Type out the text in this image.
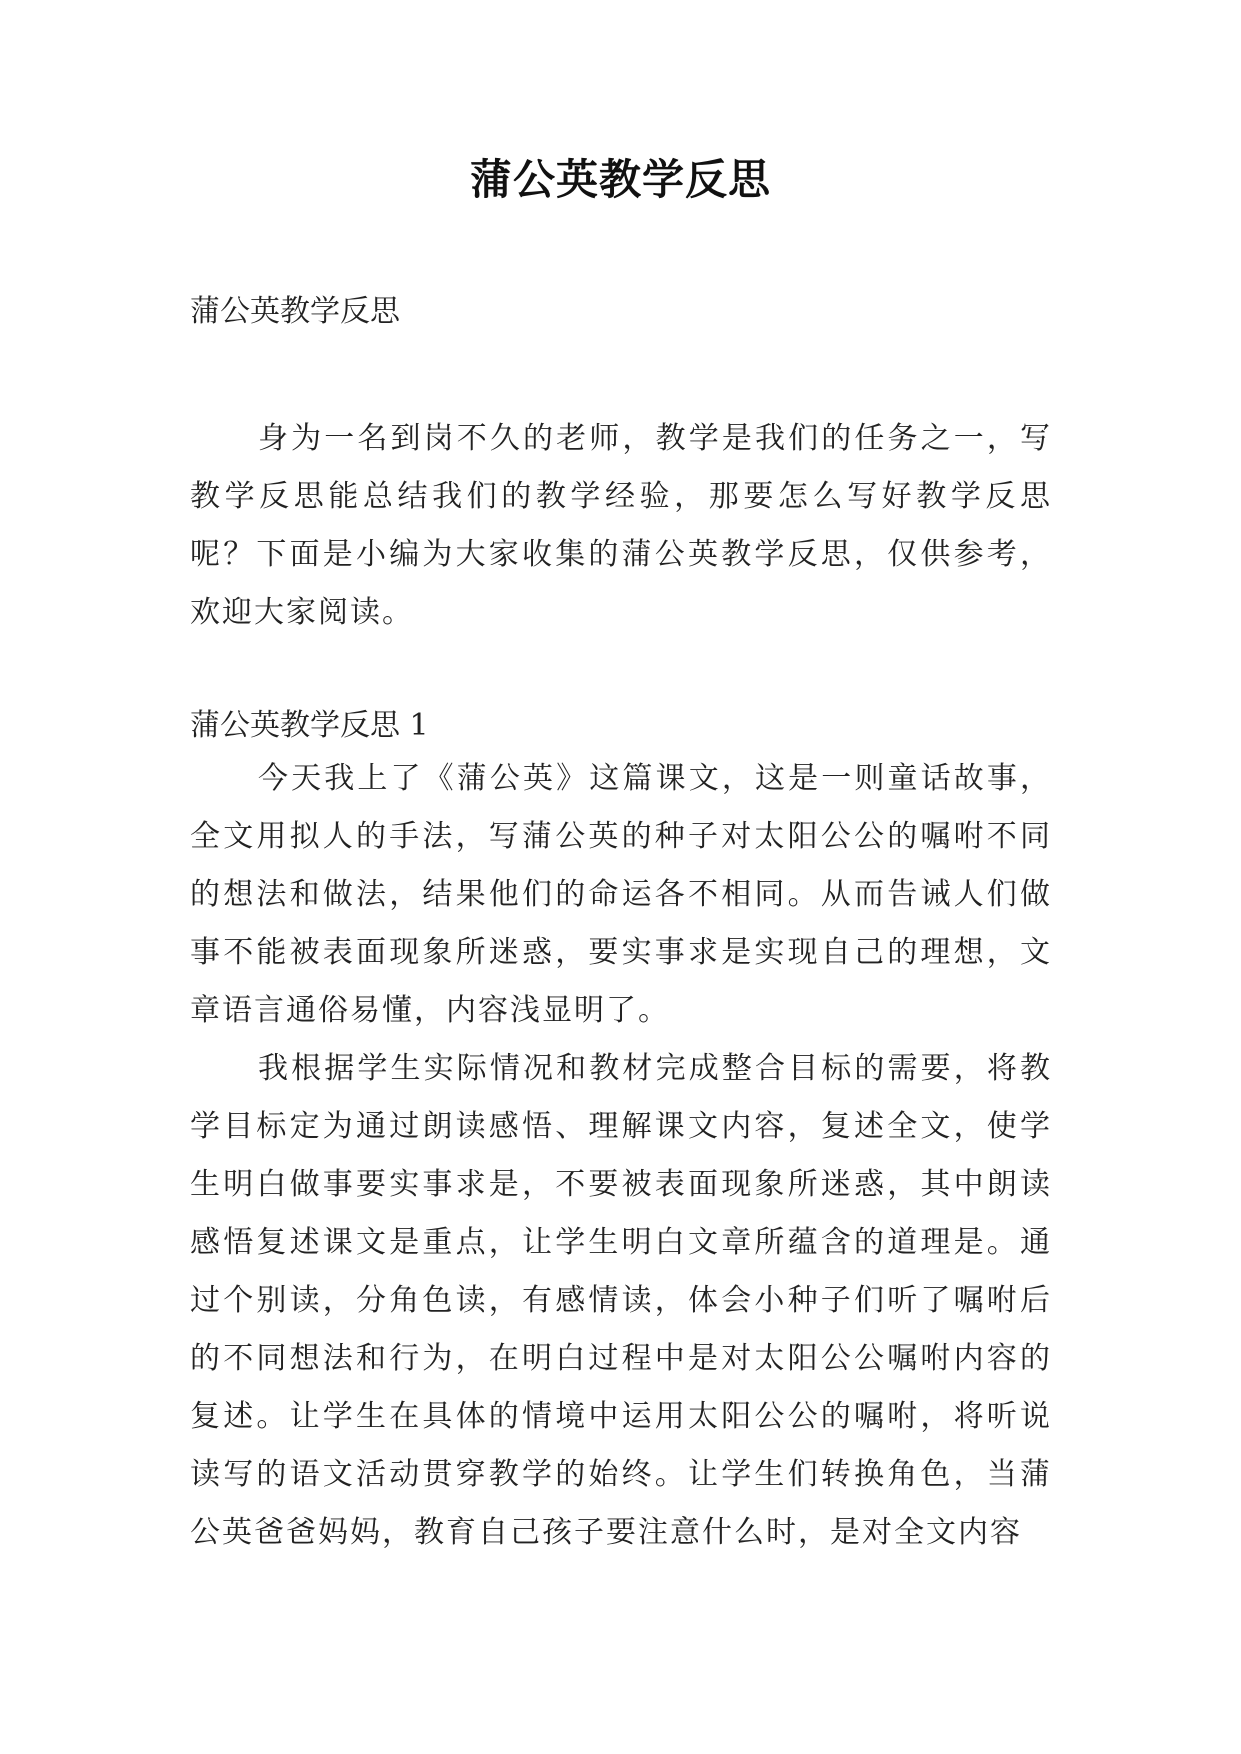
蒲公英教学反思
蒲公英教学反思

身为一名到岗不久的老师，教学是我们的任务之一，写教学反思能总结我们的教学经验，那要怎么写好教学反思呢？下面是小编为大家收集的蒲公英教学反思，仅供参考，欢迎大家阅读。

蒲公英教学反思 1

今天我上了《蒲公英》这篇课文，这是一则童话故事，全文用拟人的手法，写蒲公英的种子对太阳公公的嘱咐不同的想法和做法，结果他们的命运各不相同。从而告诫人们做事不能被表面现象所迷惑，要实事求是实现自己的理想，文章语言通俗易懂，内容浅显明了。

我根据学生实际情况和教材完成整合目标的需要，将教学目标定为通过朗读感悟、理解课文内容，复述全文，使学生明白做事要实事求是，不要被表面现象所迷惑，其中朗读感悟复述课文是重点，让学生明白文章所蕴含的道理是。通过个别读，分角色读，有感情读，体会小种子们听了嘱咐后的不同想法和行为，在明白过程中是对太阳公公嘱咐内容的复述。让学生在具体的情境中运用太阳公公的嘱咐，将听说读写的语文活动贯穿教学的始终。让学生们转换角色，当蒲公英爸爸妈妈，教育自己孩子要注意什么时，是对全文内容
